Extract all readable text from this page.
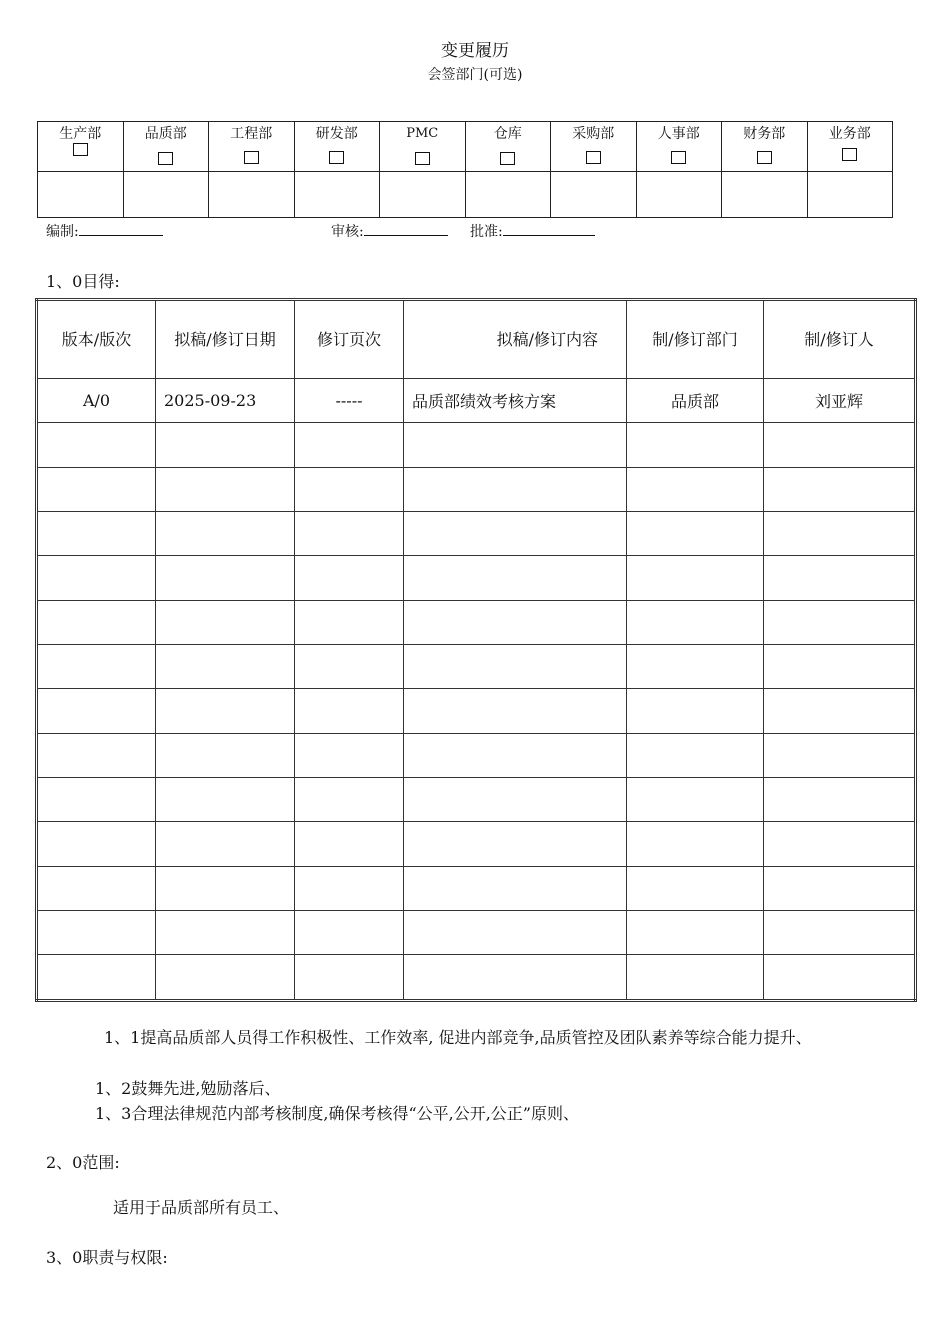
变更履历
会签部门(可选)
生产部	品质部	工程部	研发部	PMC	仓库	采购部	人事部	财务部	业务部

编制:	审核:	批准:
1、0目得:
版本/版次	拟稿/修订日期	修订页次	拟稿/修订内容	制/修订部门	制/修订人
A/0	2025-09-23	-----	品质部绩效考核方案	品质部	刘亚辉

1、1提高品质部人员得工作积极性、工作效率, 促进内部竞争,品质管控及团队素养等综合能力提升、
1、2鼓舞先进,勉励落后、
1、3合理法律规范内部考核制度,确保考核得“公平,公开,公正”原则、
2、0范围:
适用于品质部所有员工、
3、0职责与权限:
